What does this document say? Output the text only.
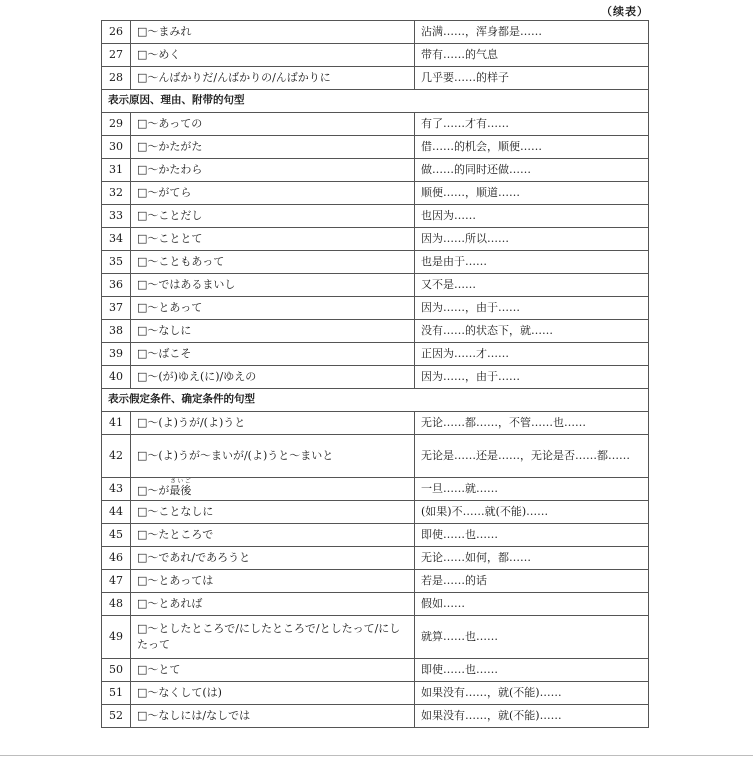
（续表）
26	□～まみれ	沾满……，浑身都是……
27	□～めく	带有……的气息
28	□～んばかりだ/んばかりの/んばかりに	几乎要……的样子
表示原因、理由、附带的句型		
29	□～あっての	有了……才有……
30	□～かたがた	借……的机会，顺便……
31	□～かたわら	做……的同时还做……
32	□～がてら	顺便……，顺道……
33	□～ことだし	也因为……
34	□～こととて	因为……所以……
35	□～こともあって	也是由于……
36	□～ではあるまいし	又不是……
37	□～とあって	因为……，由于……
38	□～なしに	没有……的状态下，就……
39	□～ばこそ	正因为……才……
40	□～(が)ゆえ(に)/ゆえの	因为……，由于……
表示假定条件、确定条件的句型		
41	□～(よ)うが/(よ)うと	无论……都……，不管……也……
42	□～(よ)うが～まいが/(よ)うと～まいと	无论是……还是……，无论是否……都……
43	□～が最後さいご	一旦……就……
44	□～ことなしに	(如果)不……就(不能)……
45	□～たところで	即使……也……
46	□～であれ/であろうと	无论……如何，都……
47	□～とあっては	若是……的话
48	□～とあれば	假如……
49	□～としたところで/にしたところで/としたって/にしたって	就算……也……
50	□～とて	即使……也……
51	□～なくして(は)	如果没有……，就(不能)……
52	□～なしには/なしでは	如果没有……，就(不能)……
